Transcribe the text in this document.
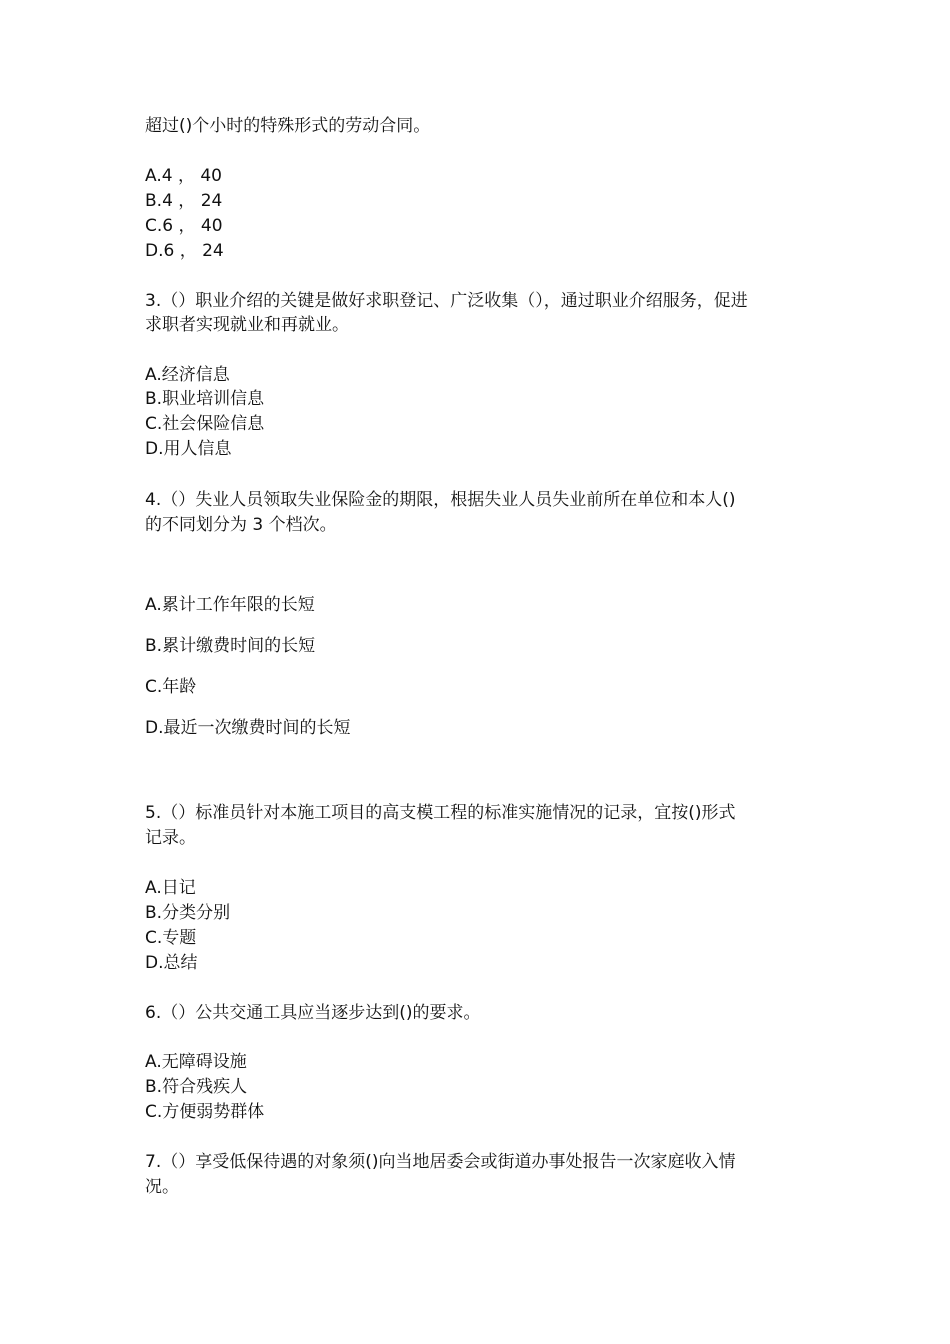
超过()个小时的特殊形式的劳动合同。
A.4 ， 40
B.4 ， 24
C.6 ， 40
D.6 ， 24
3.（）职业介绍的关键是做好求职登记、广泛收集（），通过职业介绍服务，促进
求职者实现就业和再就业。
A.经济信息
B.职业培训信息
C.社会保险信息
D.用人信息
4.（）失业人员领取失业保险金的期限，根据失业人员失业前所在单位和本人()
的不同划分为 3 个档次。
A.累计工作年限的长短
B.累计缴费时间的长短
C.年龄
D.最近一次缴费时间的长短
5.（）标准员针对本施工项目的高支模工程的标准实施情况的记录，宜按()形式
记录。
A.日记
B.分类分别
C.专题
D.总结
6.（）公共交通工具应当逐步达到()的要求。
A.无障碍设施
B.符合残疾人
C.方便弱势群体
7.（）享受低保待遇的对象须()向当地居委会或街道办事处报告一次家庭收入情
况。
